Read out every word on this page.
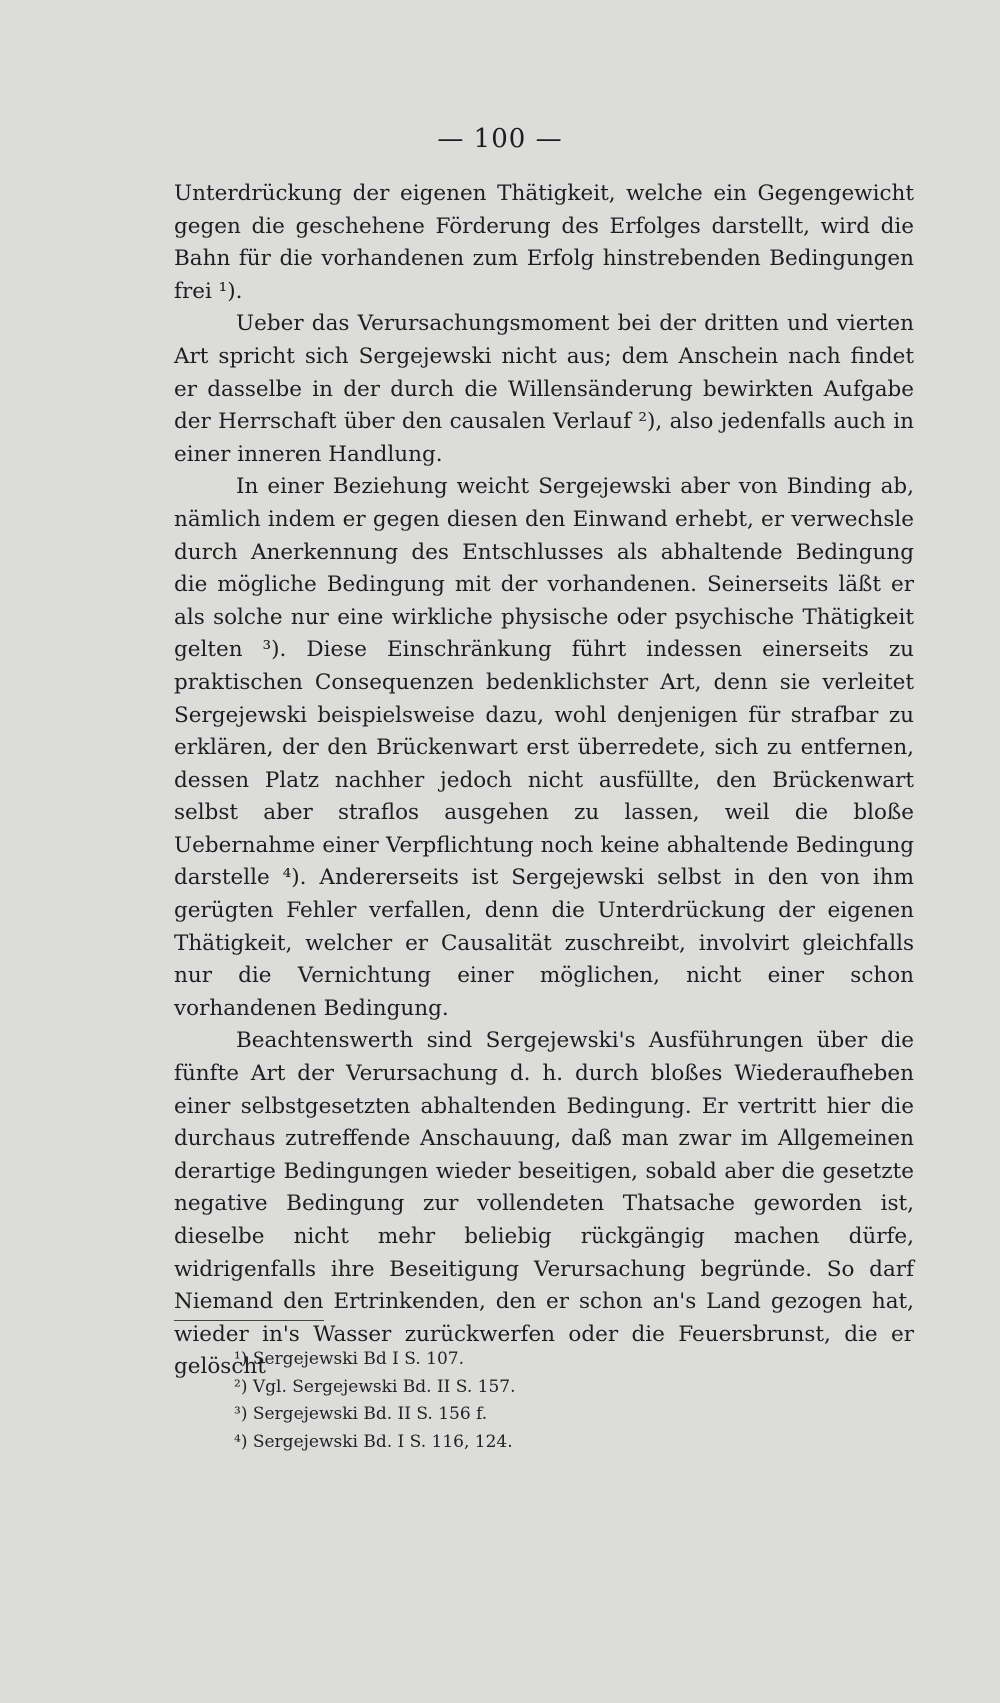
— 100 —

Unterdrückung der eigenen Thätigkeit, welche ein Gegengewicht gegen die geschehene Förderung des Erfolges darstellt, wird die Bahn für die vorhandenen zum Erfolg hinstrebenden Bedingungen frei ¹).

Ueber das Verursachungsmoment bei der dritten und vierten Art spricht sich Sergejewski nicht aus; dem Anschein nach findet er dasselbe in der durch die Willensänderung bewirkten Aufgabe der Herrschaft über den causalen Verlauf ²), also jedenfalls auch in einer inneren Handlung.

In einer Beziehung weicht Sergejewski aber von Binding ab, nämlich indem er gegen diesen den Einwand erhebt, er verwechsle durch Anerkennung des Entschlusses als abhaltende Bedingung die mögliche Bedingung mit der vorhandenen. Seinerseits läßt er als solche nur eine wirkliche physische oder psychische Thätigkeit gelten ³). Diese Einschränkung führt indessen einerseits zu praktischen Consequenzen bedenklichster Art, denn sie verleitet Sergejewski beispielsweise dazu, wohl denjenigen für strafbar zu erklären, der den Brückenwart erst überredete, sich zu entfernen, dessen Platz nachher jedoch nicht ausfüllte, den Brückenwart selbst aber straflos ausgehen zu lassen, weil die bloße Uebernahme einer Verpflichtung noch keine abhaltende Bedingung darstelle ⁴). Andererseits ist Sergejewski selbst in den von ihm gerügten Fehler verfallen, denn die Unterdrückung der eigenen Thätigkeit, welcher er Causalität zuschreibt, involvirt gleichfalls nur die Vernichtung einer möglichen, nicht einer schon vorhandenen Bedingung.

Beachtenswerth sind Sergejewski's Ausführungen über die fünfte Art der Verursachung d. h. durch bloßes Wiederaufheben einer selbstgesetzten abhaltenden Bedingung. Er vertritt hier die durchaus zutreffende Anschauung, daß man zwar im Allgemeinen derartige Bedingungen wieder beseitigen, sobald aber die gesetzte negative Bedingung zur vollendeten Thatsache geworden ist, dieselbe nicht mehr beliebig rückgängig machen dürfe, widrigenfalls ihre Beseitigung Verursachung begründe. So darf Niemand den Ertrinkenden, den er schon an's Land gezogen hat, wieder in's Wasser zurückwerfen oder die Feuersbrunst, die er gelöscht

¹) Sergejewski Bd I S. 107.
²) Vgl. Sergejewski Bd. II S. 157.
³) Sergejewski Bd. II S. 156 f.
⁴) Sergejewski Bd. I S. 116, 124.
